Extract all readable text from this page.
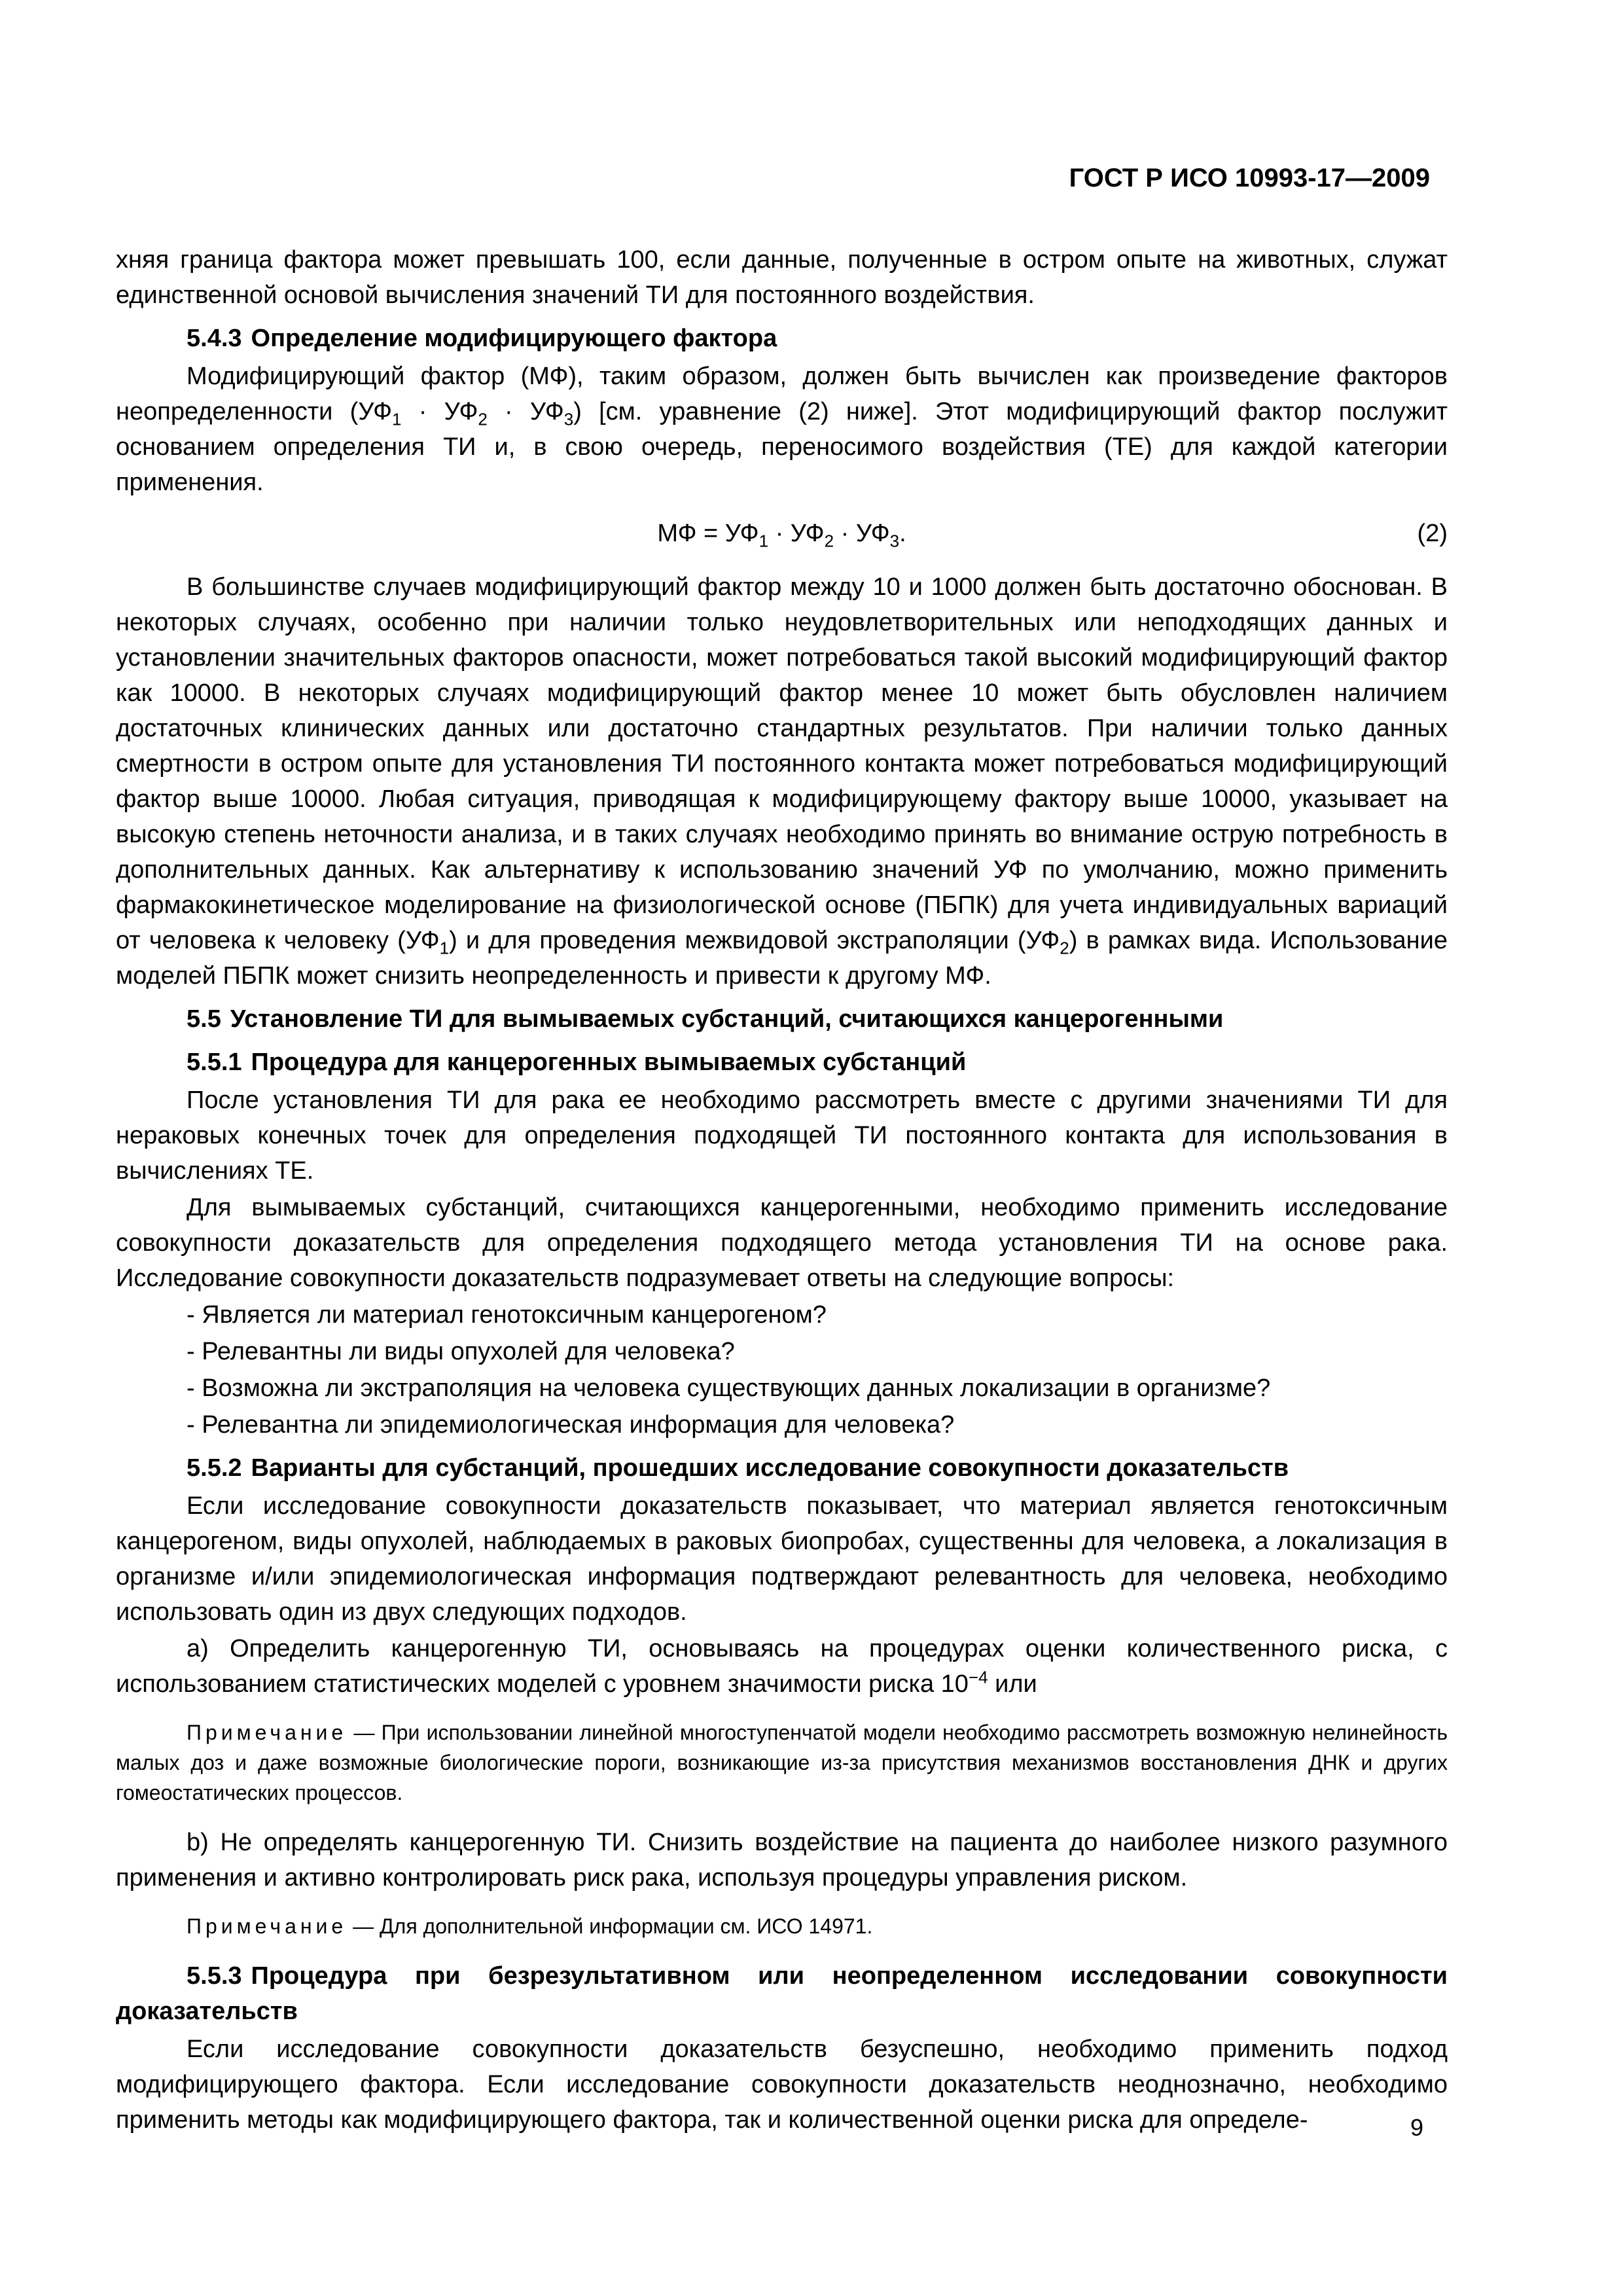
ГОСТ Р ИСО 10993-17—2009

хняя граница фактора может превышать 100, если данные, полученные в остром опыте на животных, служат единственной основой вычисления значений ТИ для постоянного воздействия.

5.4.3 Определение модифицирующего фактора

Модифицирующий фактор (МФ), таким образом, должен быть вычислен как произведение факторов неопределенности $(УФ_1 \cdot УФ_2 \cdot УФ_3)$ [см. уравнение (2) ниже]. Этот модифицирующий фактор послужит основанием определения ТИ и, в свою очередь, переносимого воздействия (ТЕ) для каждой категории применения.

МФ = $УФ_1 \cdot УФ_2 \cdot УФ_3$.	(2)

В большинстве случаев модифицирующий фактор между 10 и 1000 должен быть достаточно обоснован. В некоторых случаях, особенно при наличии только неудовлетворительных или неподходящих данных и установлении значительных факторов опасности, может потребоваться такой высокий модифицирующий фактор как 10000. В некоторых случаях модифицирующий фактор менее 10 может быть обусловлен наличием достаточных клинических данных или достаточно стандартных результатов. При наличии только данных смертности в остром опыте для установления ТИ постоянного контакта может потребоваться модифицирующий фактор выше 10000. Любая ситуация, приводящая к модифицирующему фактору выше 10000, указывает на высокую степень неточности анализа, и в таких случаях необходимо принять во внимание острую потребность в дополнительных данных. Как альтернативу к использованию значений УФ по умолчанию, можно применить фармакокинетическое моделирование на физиологической основе (ПБПК) для учета индивидуальных вариаций от человека к человеку $(УФ_1)$ и для проведения межвидовой экстраполяции $(УФ_2)$ в рамках вида. Использование моделей ПБПК может снизить неопределенность и привести к другому МФ.

5.5 Установление ТИ для вымываемых субстанций, считающихся канцерогенными

5.5.1 Процедура для канцерогенных вымываемых субстанций

После установления ТИ для рака ее необходимо рассмотреть вместе с другими значениями ТИ для нераковых конечных точек для определения подходящей ТИ постоянного контакта для использования в вычислениях ТЕ.

Для вымываемых субстанций, считающихся канцерогенными, необходимо применить исследование совокупности доказательств для определения подходящего метода установления ТИ на основе рака. Исследование совокупности доказательств подразумевает ответы на следующие вопросы:

- Является ли материал генотоксичным канцерогеном?
- Релевантны ли виды опухолей для человека?
- Возможна ли экстраполяция на человека существующих данных локализации в организме?
- Релевантна ли эпидемиологическая информация для человека?

5.5.2 Варианты для субстанций, прошедших исследование совокупности доказательств

Если исследование совокупности доказательств показывает, что материал является генотоксичным канцерогеном, виды опухолей, наблюдаемых в раковых биопробах, существенны для человека, а локализация в организме и/или эпидемиологическая информация подтверждают релевантность для человека, необходимо использовать один из двух следующих подходов.

a) Определить канцерогенную ТИ, основываясь на процедурах оценки количественного риска, с использованием статистических моделей с уровнем значимости риска $10^{-4}$ или

Примечание — При использовании линейной многоступенчатой модели необходимо рассмотреть возможную нелинейность малых доз и даже возможные биологические пороги, возникающие из-за присутствия механизмов восстановления ДНК и других гомеостатических процессов.

b) Не определять канцерогенную ТИ. Снизить воздействие на пациента до наиболее низкого разумного применения и активно контролировать риск рака, используя процедуры управления риском.

Примечание — Для дополнительной информации см. ИСО 14971.

5.5.3 Процедура при безрезультативном или неопределенном исследовании совокупности доказательств

Если исследование совокупности доказательств безуспешно, необходимо применить подход модифицирующего фактора. Если исследование совокупности доказательств неоднозначно, необходимо применить методы как модифицирующего фактора, так и количественной оценки риска для определе-	9
